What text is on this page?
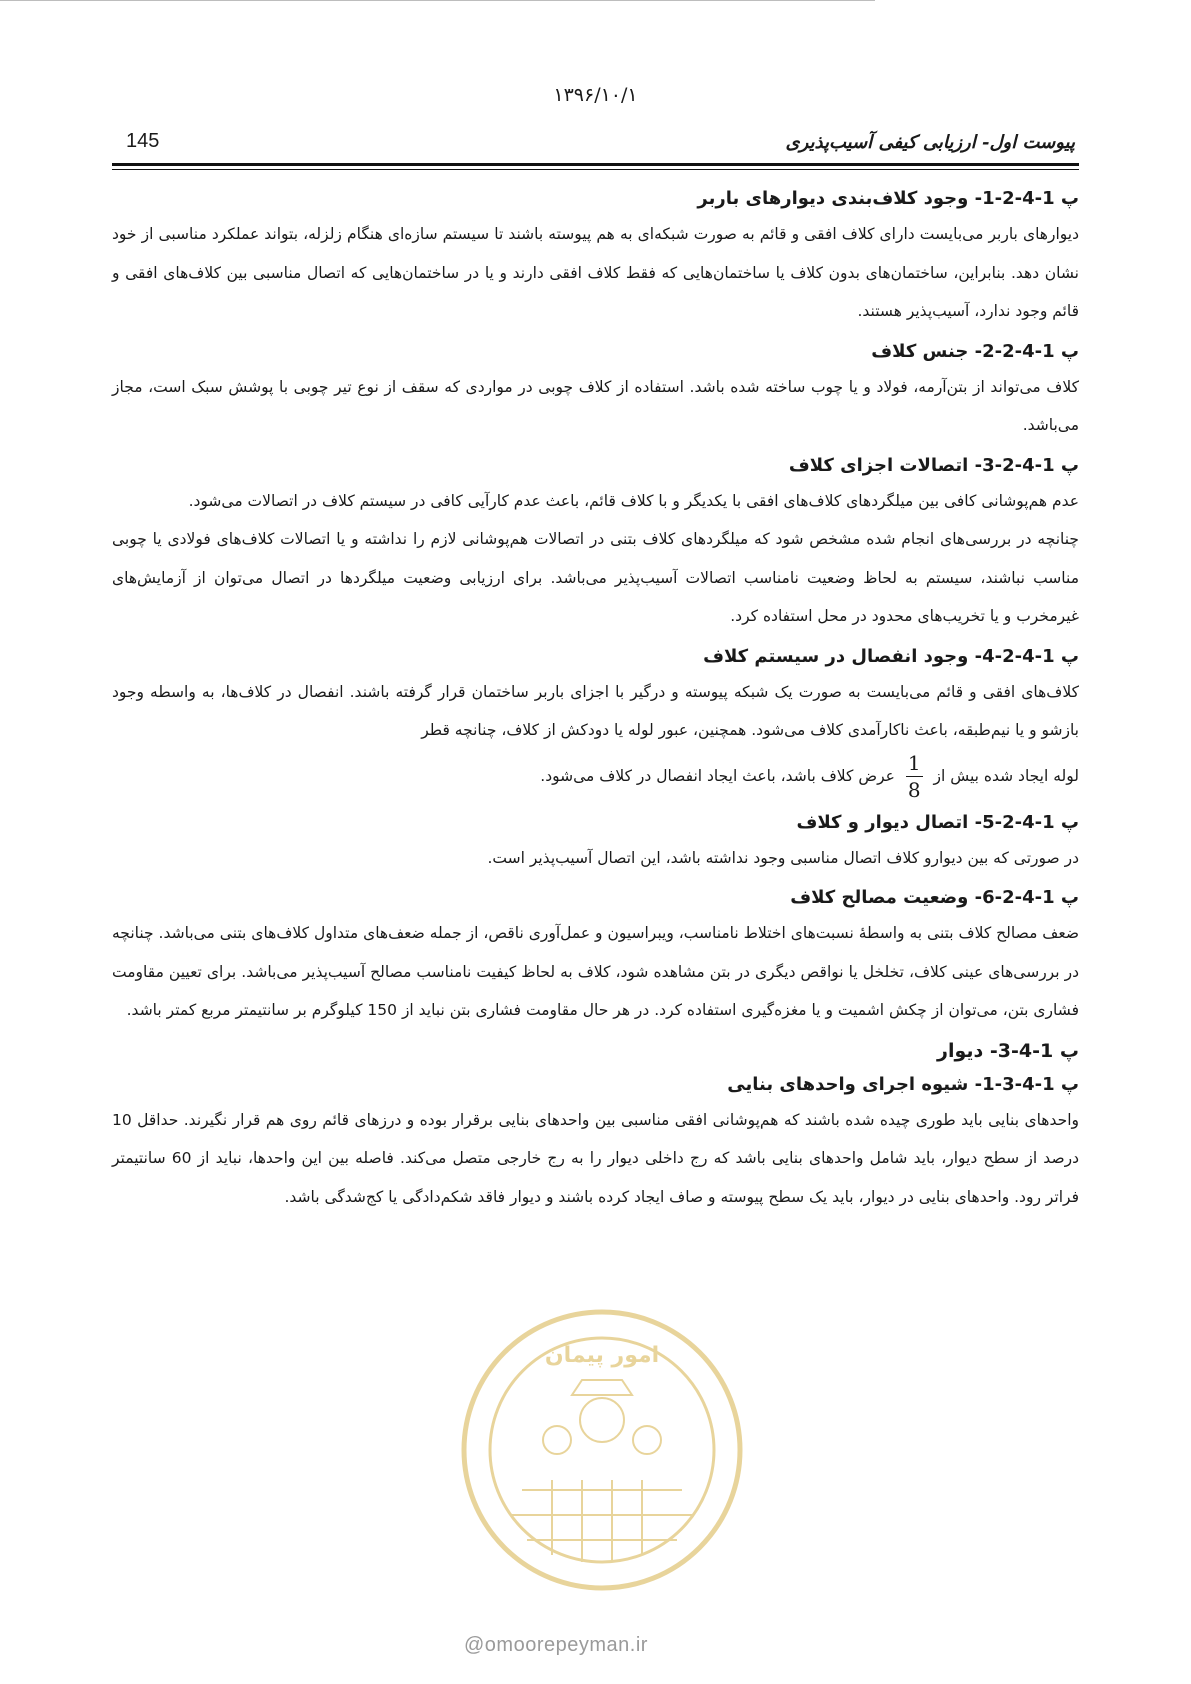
۱۳۹۶/۱۰/۱
145	پیوست اول- ارزیابی کیفی آسیب‌پذیری
پ 1-4-2-1- وجود کلاف‌بندی دیوارهای باربر
دیوارهای باربر می‌بایست دارای کلاف افقی و قائم به صورت شبکه‌ای به هم پیوسته باشند تا سیستم سازه‌ای هنگام زلزله، بتواند عملکرد مناسبی از خود نشان دهد. بنابراین، ساختمان‌های بدون کلاف یا ساختمان‌هایی که فقط کلاف افقی دارند و یا در ساختمان‌هایی که اتصال مناسبی بین کلاف‌های افقی و قائم وجود ندارد، آسیب‌پذیر هستند.
پ 1-4-2-2- جنس کلاف
کلاف می‌تواند از بتن‌آرمه، فولاد و یا چوب ساخته شده باشد. استفاده از کلاف چوبی در مواردی که سقف از نوع تیر چوبی با پوشش سبک است، مجاز می‌باشد.
پ 1-4-2-3- اتصالات اجزای کلاف
عدم هم‌پوشانی کافی بین میلگردهای کلاف‌های افقی با یکدیگر و با کلاف قائم، باعث عدم کارآیی کافی در سیستم کلاف در اتصالات می‌شود.
چنانچه در بررسی‌های انجام شده مشخص شود که میلگردهای کلاف بتنی در اتصالات هم‌پوشانی لازم را نداشته و یا اتصالات کلاف‌های فولادی یا چوبی مناسب نباشند، سیستم به لحاظ وضعیت نامناسب اتصالات آسیب‌پذیر می‌باشد. برای ارزیابی وضعیت میلگردها در اتصال می‌توان از آزمایش‌های غیرمخرب و یا تخریب‌های محدود در محل استفاده کرد.
پ 1-4-2-4- وجود انفصال در سیستم کلاف
کلاف‌های افقی و قائم می‌بایست به صورت یک شبکه پیوسته و درگیر با اجزای باربر ساختمان قرار گرفته باشند. انفصال در کلاف‌ها، به واسطه وجود بازشو و یا نیم‌طبقه، باعث ناکارآمدی کلاف می‌شود. همچنین، عبور لوله یا دودکش از کلاف، چنانچه قطر
لوله ایجاد شده بیش از
$\frac{1}{8}$
عرض کلاف باشد، باعث ایجاد انفصال در کلاف می‌شود.
پ 1-4-2-5- اتصال دیوار و کلاف
در صورتی که بین دیوارو کلاف اتصال مناسبی وجود نداشته باشد، این اتصال آسیب‌پذیر است.
پ 1-4-2-6- وضعیت مصالح کلاف
ضعف مصالح کلاف بتنی به واسطهٔ نسبت‌های اختلاط نامناسب، ویبراسیون و عمل‌آوری ناقص، از جمله ضعف‌های متداول کلاف‌های بتنی می‌باشد. چنانچه در بررسی‌های عینی کلاف، تخلخل یا نواقص دیگری در بتن مشاهده شود، کلاف به لحاظ کیفیت نامناسب مصالح آسیب‌پذیر می‌باشد. برای تعیین مقاومت فشاری بتن، می‌توان از چکش اشمیت و یا مغزه‌گیری استفاده کرد. در هر حال مقاومت فشاری بتن نباید از 150 کیلوگرم بر سانتیمتر مربع کمتر باشد.
پ 1-4-3- دیوار
پ 1-4-3-1- شیوه اجرای واحدهای بنایی
واحدهای بنایی باید طوری چیده شده باشند که هم‌پوشانی افقی مناسبی بین واحدهای بنایی برقرار بوده و درزهای قائم روی هم قرار نگیرند. حداقل 10 درصد از سطح دیوار، باید شامل واحدهای بنایی باشد که رج داخلی دیوار را به رج خارجی متصل می‌کند. فاصله بین این واحدها، نباید از 60 سانتیمتر فراتر رود. واحدهای بنایی در دیوار، باید یک سطح پیوسته و صاف ایجاد کرده باشند و دیوار فاقد شکم‌دادگی یا کج‌شدگی باشد.
امور پیمان
@omoorepeyman.ir
